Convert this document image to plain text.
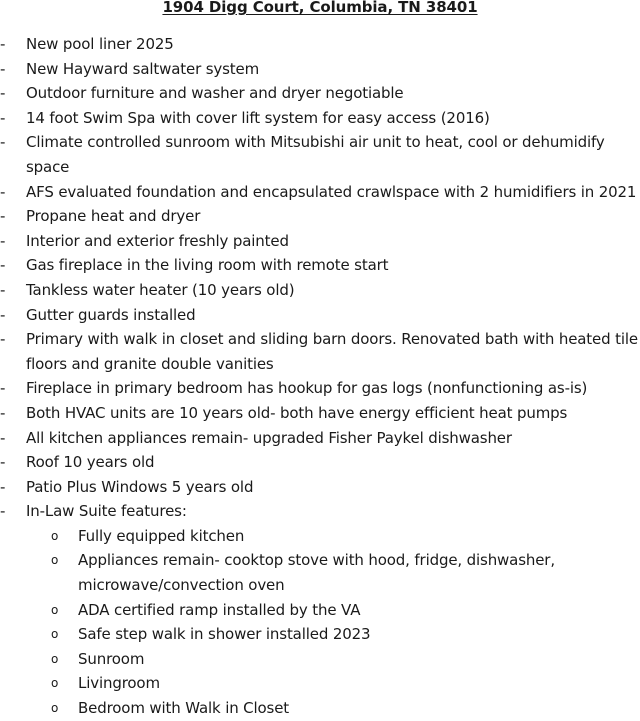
1904 Digg Court, Columbia, TN 38401
- New pool liner 2025
- New Hayward saltwater system
- Outdoor furniture and washer and dryer negotiable
- 14 foot Swim Spa with cover lift system for easy access (2016)
- Climate controlled sunroom with Mitsubishi air unit to heat, cool or dehumidify space
- AFS evaluated foundation and encapsulated crawlspace with 2 humidifiers in 2021
- Propane heat and dryer
- Interior and exterior freshly painted
- Gas fireplace in the living room with remote start
- Tankless water heater (10 years old)
- Gutter guards installed
- Primary with walk in closet and sliding barn doors. Renovated bath with heated tile floors and granite double vanities
- Fireplace in primary bedroom has hookup for gas logs (nonfunctioning as-is)
- Both HVAC units are 10 years old- both have energy efficient heat pumps
- All kitchen appliances remain- upgraded Fisher Paykel dishwasher
- Roof 10 years old
- Patio Plus Windows 5 years old
- In-Law Suite features:
o Fully equipped kitchen
o Appliances remain- cooktop stove with hood, fridge, dishwasher, microwave/convection oven
o ADA certified ramp installed by the VA
o Safe step walk in shower installed 2023
o Sunroom
o Livingroom
o Bedroom with Walk in Closet
